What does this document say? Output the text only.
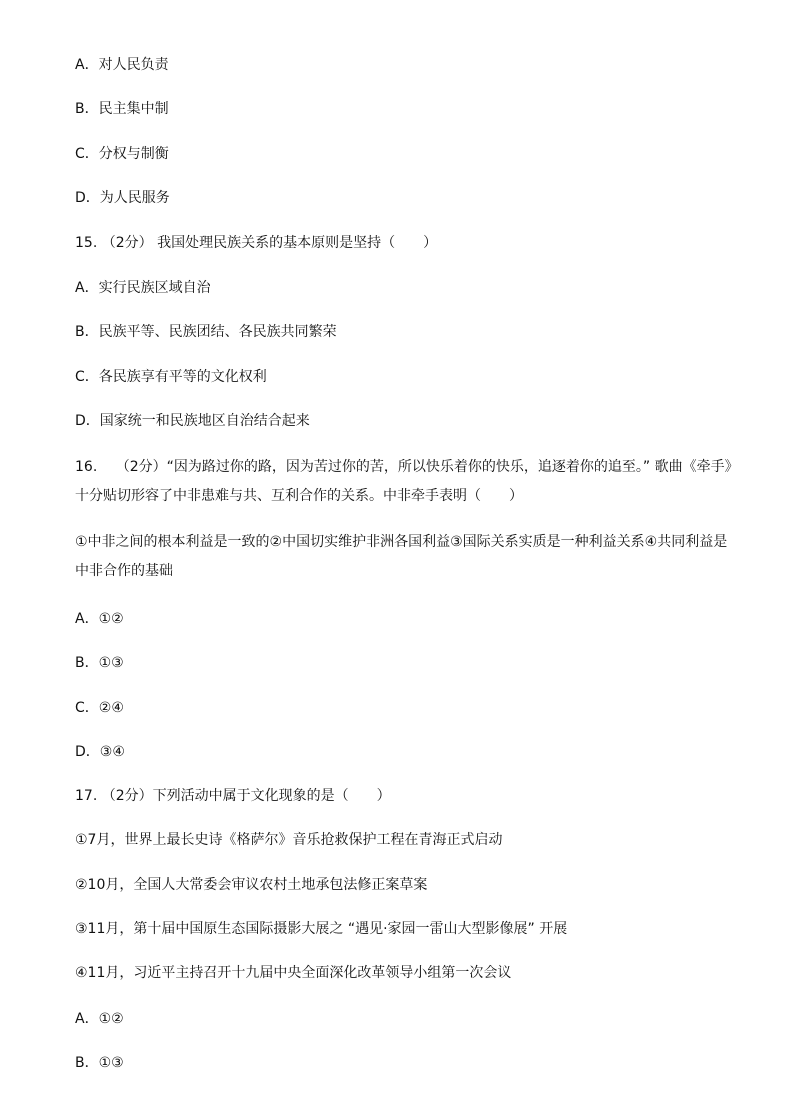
A．对人民负责
B．民主集中制
C．分权与制衡
D．为人民服务
15. （2分） 我国处理民族关系的基本原则是坚持（　　）
A．实行民族区域自治
B．民族平等、民族团结、各民族共同繁荣
C．各民族享有平等的文化权利
D．国家统一和民族地区自治结合起来
16.　 （2分）“因为路过你的路，因为苦过你的苦，所以快乐着你的快乐，追逐着你的追至。” 歌曲《牵手》
十分贴切形容了中非患难与共、互利合作的关系。中非牵手表明（　　）
①中非之间的根本利益是一致的②中国切实维护非洲各国利益③国际关系实质是一种利益关系④共同利益是
中非合作的基础
A．①②
B．①③
C．②④
D．③④
17. （2分）下列活动中属于文化现象的是（　　）
①7月，世界上最长史诗《格萨尔》音乐抢救保护工程在青海正式启动
②10月，全国人大常委会审议农村土地承包法修正案草案
③11月，第十届中国原生态国际摄影大展之 “遇见·家园一雷山大型影像展” 开展
④11月，习近平主持召开十九届中央全面深化改革领导小组第一次会议
A．①②
B．①③
